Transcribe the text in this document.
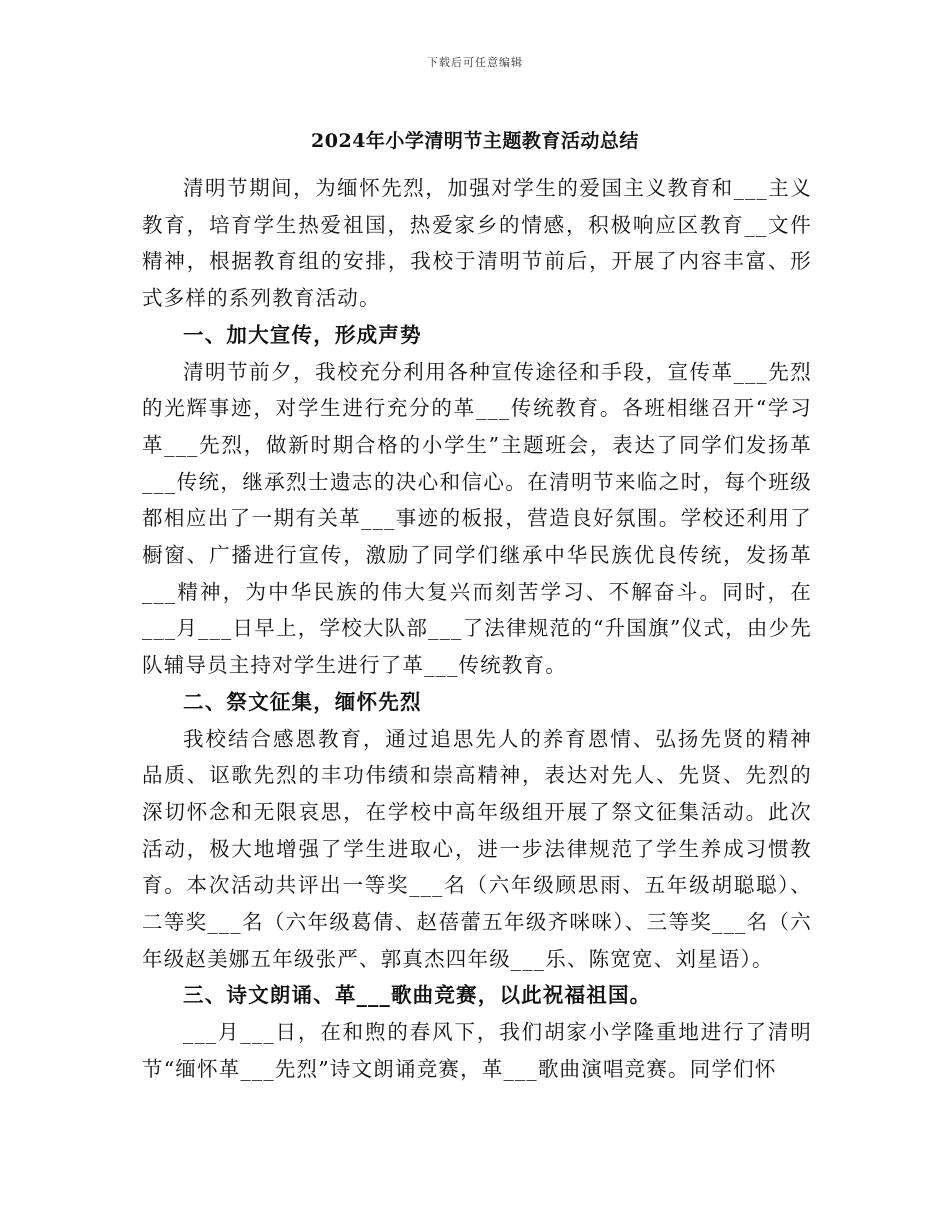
下载后可任意编辑
2024年小学清明节主题教育活动总结

清明节期间，为缅怀先烈，加强对学生的爱国主义教育和___主义教育，培育学生热爱祖国，热爱家乡的情感，积极响应区教育__文件精神，根据教育组的安排，我校于清明节前后，开展了内容丰富、形式多样的系列教育活动。

一、加大宣传，形成声势

清明节前夕，我校充分利用各种宣传途径和手段，宣传革___先烈的光辉事迹，对学生进行充分的革___传统教育。各班相继召开“学习革___先烈，做新时期合格的小学生”主题班会，表达了同学们发扬革___传统，继承烈士遗志的决心和信心。在清明节来临之时，每个班级都相应出了一期有关革___事迹的板报，营造良好氛围。学校还利用了橱窗、广播进行宣传，激励了同学们继承中华民族优良传统，发扬革___精神，为中华民族的伟大复兴而刻苦学习、不解奋斗。同时，在___月___日早上，学校大队部___了法律规范的“升国旗”仪式，由少先队辅导员主持对学生进行了革___传统教育。

二、祭文征集，缅怀先烈

我校结合感恩教育，通过追思先人的养育恩情、弘扬先贤的精神品质、讴歌先烈的丰功伟绩和崇高精神，表达对先人、先贤、先烈的深切怀念和无限哀思，在学校中高年级组开展了祭文征集活动。此次活动，极大地增强了学生进取心，进一步法律规范了学生养成习惯教育。本次活动共评出一等奖___名（六年级顾思雨、五年级胡聪聪）、二等奖___名（六年级葛倩、赵蓓蕾五年级齐咪咪）、三等奖___名（六年级赵美娜五年级张严、郭真杰四年级___乐、陈宽宽、刘星语）。

三、诗文朗诵、革___歌曲竞赛，以此祝福祖国。

___月___日，在和煦的春风下，我们胡家小学隆重地进行了清明节“缅怀革___先烈”诗文朗诵竞赛，革___歌曲演唱竞赛。同学们怀
